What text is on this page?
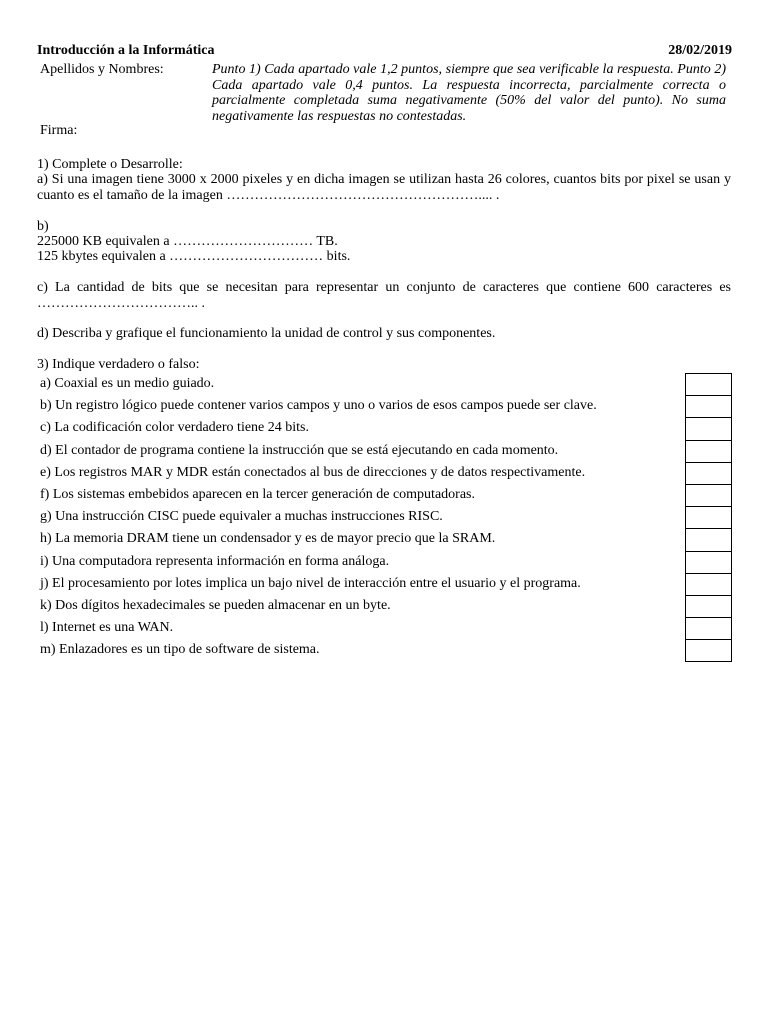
Introducción a la Informática	28/02/2019
Apellidos y Nombres:
Firma:
Punto 1) Cada apartado vale 1,2 puntos, siempre que sea verificable la respuesta. Punto 2) Cada apartado vale 0,4 puntos. La respuesta incorrecta, parcialmente correcta o parcialmente completada suma negativamente (50% del valor del punto). No suma negativamente las respuestas no contestadas.
1) Complete o Desarrolle:
a) Si una imagen tiene 3000 x 2000 pixeles y en dicha imagen se utilizan hasta 26 colores, cuantos bits por pixel se usan y cuanto es el tamaño de la imagen ……………………………………………….... .
b)
225000 KB equivalen a ………………………… TB.
125 kbytes equivalen a …………………………… bits.
c) La cantidad de bits que se necesitan para representar un conjunto de caracteres que contiene 600 caracteres es …………………………….. .
d) Describa y grafique el funcionamiento la unidad de control y sus componentes.
3) Indique verdadero o falso:
a) Coaxial es un medio guiado.
b) Un registro lógico puede contener varios campos y uno o varios de esos campos puede ser clave.
c) La codificación color verdadero tiene 24 bits.
d) El contador de programa contiene la instrucción que se está ejecutando en cada momento.
e) Los registros MAR y MDR están conectados al bus de direcciones y de datos respectivamente.
f) Los sistemas embebidos aparecen en la tercer generación de computadoras.
g) Una instrucción CISC puede equivaler a muchas instrucciones RISC.
h) La memoria DRAM tiene un condensador y es de mayor precio que la SRAM.
i) Una computadora representa información en forma análoga.
j) El procesamiento por lotes implica un bajo nivel de interacción entre el usuario y el programa.
k) Dos dígitos hexadecimales se pueden almacenar en un byte.
l) Internet es una WAN.
m) Enlazadores es un tipo de software de sistema.
